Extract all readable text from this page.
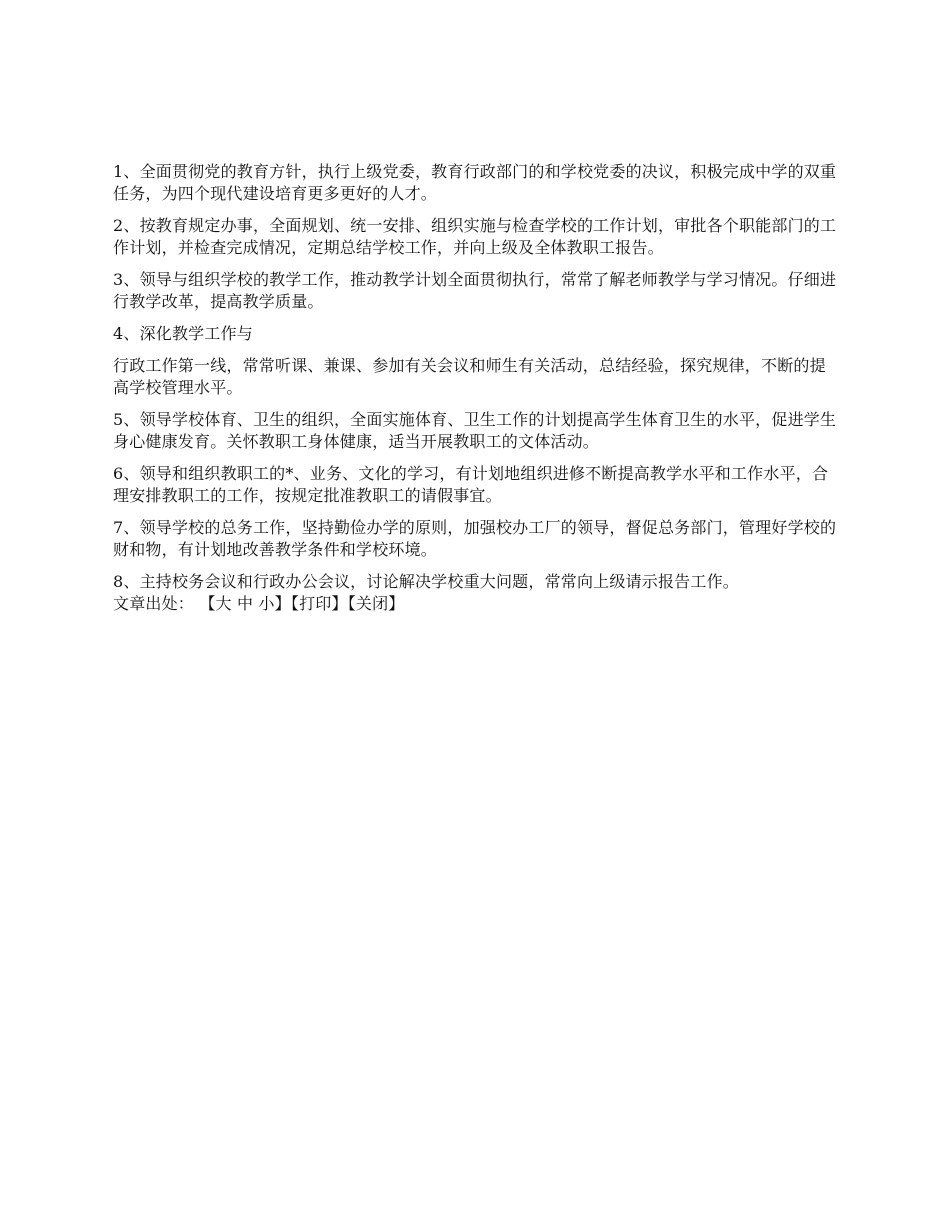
1、全面贯彻党的教育方针，执行上级党委，教育行政部门的和学校党委的决议，积极完成中学的双重任务，为四个现代建设培育更多更好的人才。

2、按教育规定办事，全面规划、统一安排、组织实施与检查学校的工作计划，审批各个职能部门的工作计划，并检查完成情况，定期总结学校工作，并向上级及全体教职工报告。

3、领导与组织学校的教学工作，推动教学计划全面贯彻执行，常常了解老师教学与学习情况。仔细进行教学改革，提高教学质量。

4、深化教学工作与

行政工作第一线，常常听课、兼课、参加有关会议和师生有关活动，总结经验，探究规律，不断的提高学校管理水平。

5、领导学校体育、卫生的组织，全面实施体育、卫生工作的计划提高学生体育卫生的水平，促进学生身心健康发育。关怀教职工身体健康，适当开展教职工的文体活动。

6、领导和组织教职工的*、业务、文化的学习，有计划地组织进修不断提高教学水平和工作水平，合理安排教职工的工作，按规定批准教职工的请假事宜。

7、领导学校的总务工作，坚持勤俭办学的原则，加强校办工厂的领导，督促总务部门，管理好学校的财和物，有计划地改善教学条件和学校环境。

8、主持校务会议和行政办公会议，讨论解决学校重大问题，常常向上级请示报告工作。

文章出处： 【大 中 小】【打印】【关闭】
